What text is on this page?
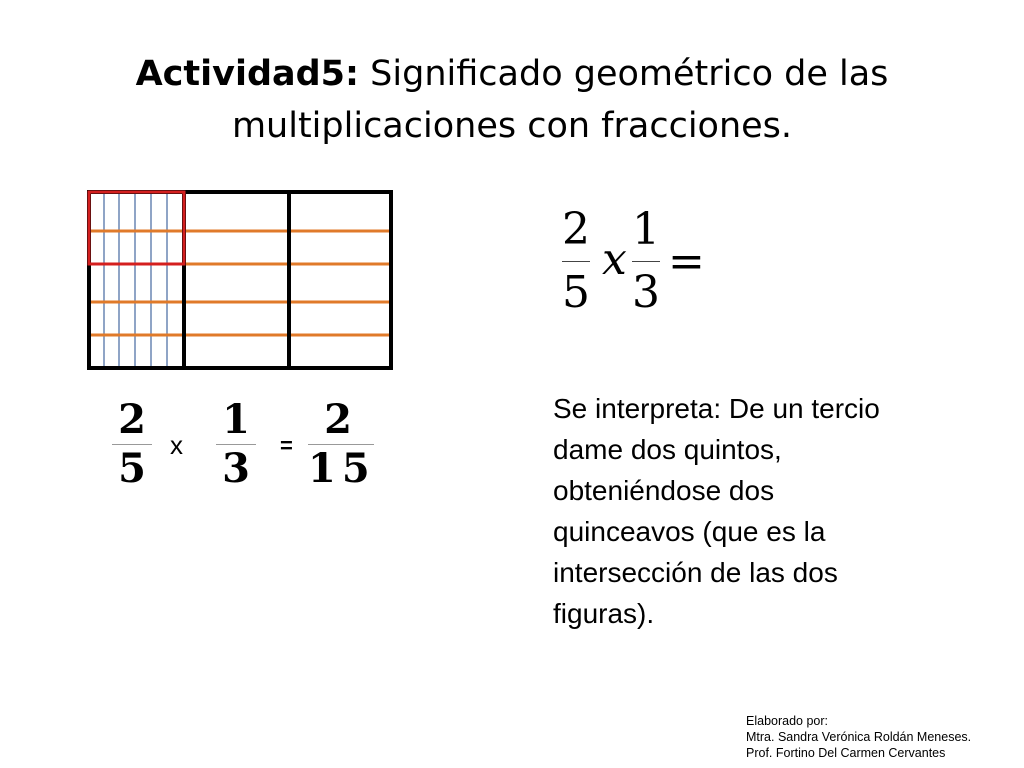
Actividad5: Significado geométrico de las
multiplicaciones con fracciones.
2
5
x
1
3
=
2
5 x
1
3 =
2
15
Se interpreta: De un tercio dame dos quintos, obteniéndose dos quinceavos (que es la intersección de las dos figuras).
Elaborado por:
Mtra. Sandra Verónica Roldán Meneses.
Prof. Fortino Del Carmen Cervantes
